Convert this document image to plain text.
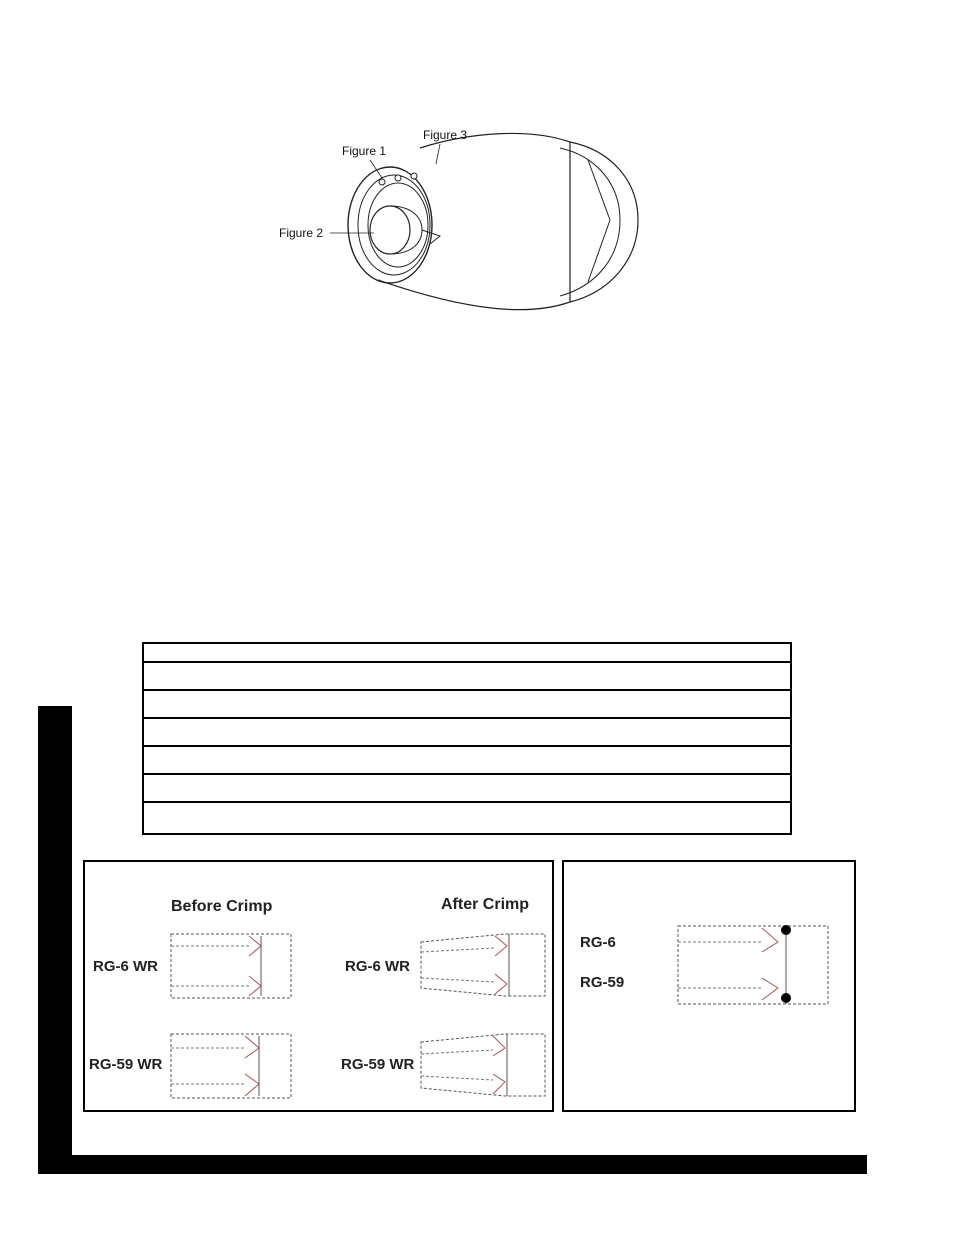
Figure 1
Figure 3
Figure 2
Before Crimp	After Crimp
RG-6 WR
RG-59 WR
RG-6 WR
RG-59 WR
RG-6
RG-59
